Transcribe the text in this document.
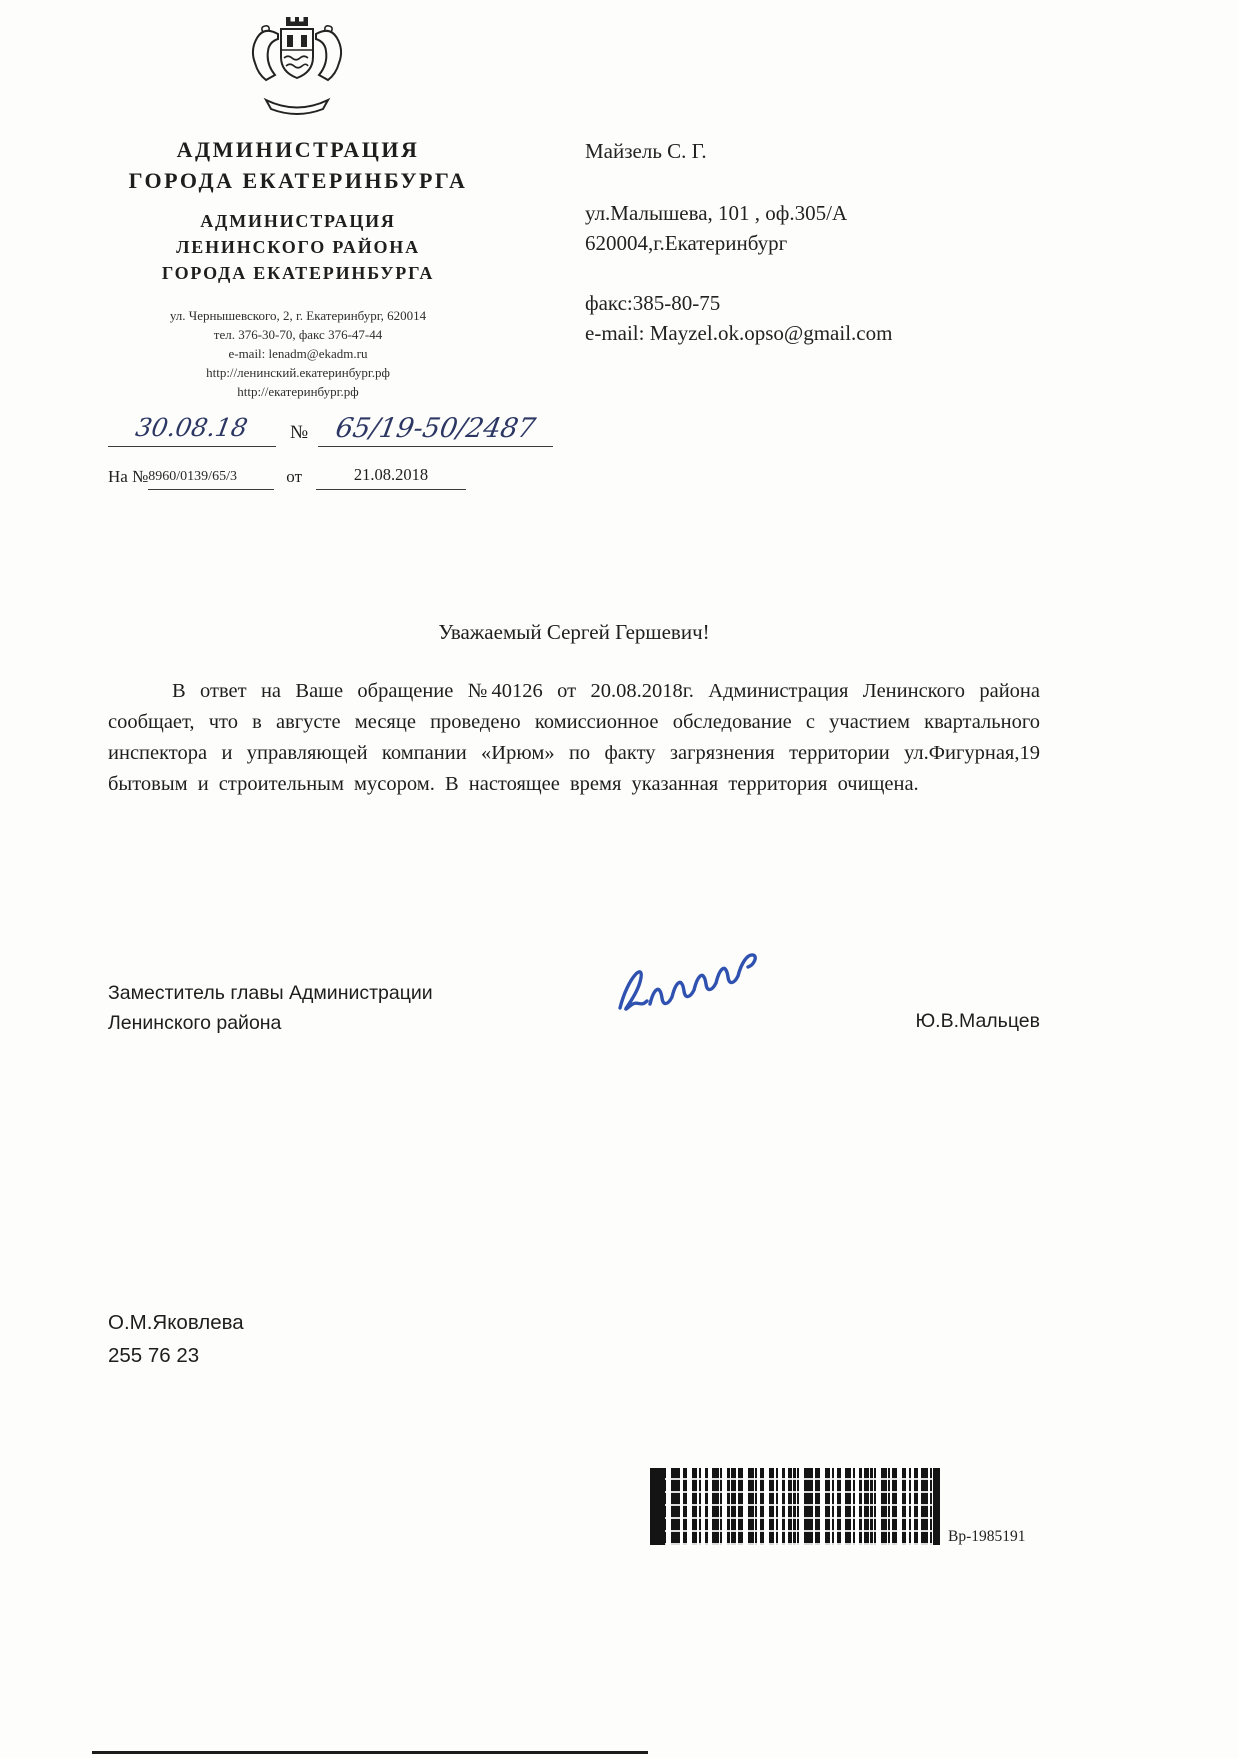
АДМИНИСТРАЦИЯ
ГОРОДА ЕКАТЕРИНБУРГА
АДМИНИСТРАЦИЯ
ЛЕНИНСКОГО РАЙОНА
ГОРОДА ЕКАТЕРИНБУРГА
ул. Чернышевского, 2, г. Екатеринбург, 620014
тел. 376-30-70, факс 376-47-44
e-mail: lenadm@ekadm.ru
http://ленинский.екатеринбург.рф
http://екатеринбург.рф
Майзель С. Г.
ул.Малышева, 101 , оф.305/А
620004,г.Екатеринбург
факс:385-80-75
e-mail: Mayzel.ok.opso@gmail.com
30.08.18	№ 65/19-50/2487
На № 8960/0139/65/3	от	21.08.2018
Уважаемый Сергей Гершевич!

В ответ на Ваше обращение №40126 от 20.08.2018г. Администрация Ленинского района сообщает, что в августе месяце проведено комиссионное обследование с участием квартального инспектора и управляющей компании «Ирюм» по факту загрязнения территории ул.Фигурная,19 бытовым и строительным мусором. В настоящее время указанная территория очищена.

Заместитель главы Администрации
Ленинского района	Ю.В.Мальцев
О.М.Яковлева
255 76 23
Вр-1985191
